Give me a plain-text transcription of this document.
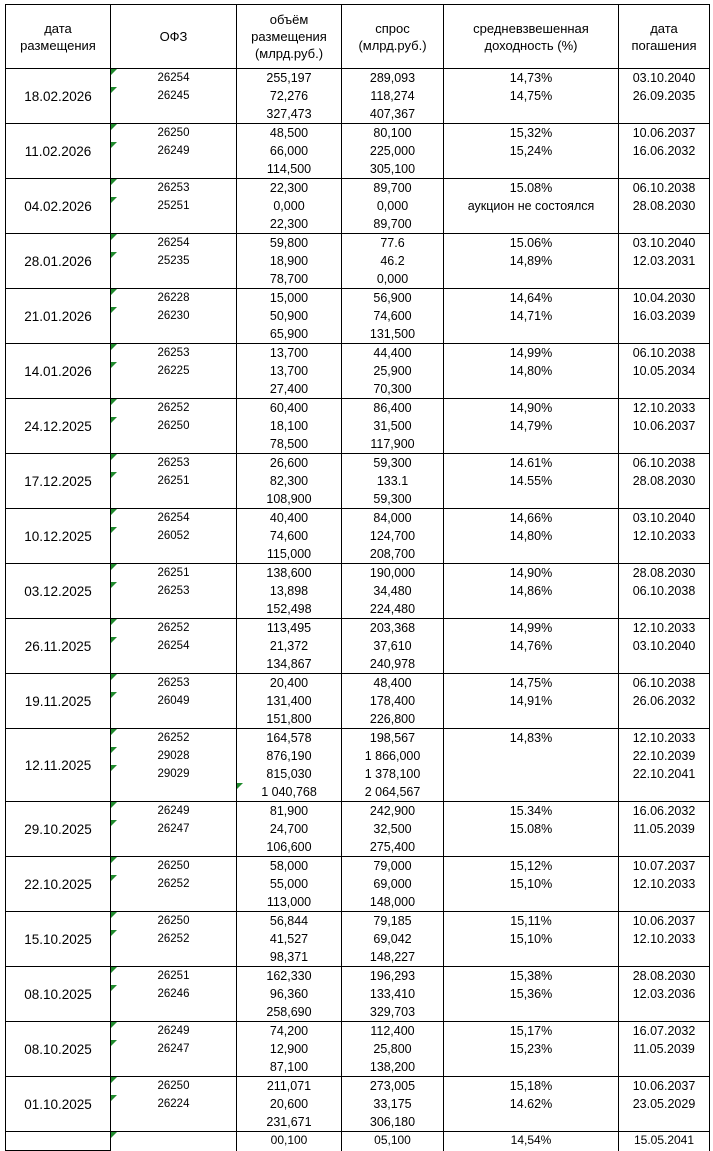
дата размещения	ОФЗ	объём размещения (млрд.руб.)	спрос (млрд.руб.)	средневзвешенная доходность (%)	дата погашения
18.02.2026	26254	255,197	289,093	14,73%	03.10.2040
	26245	72,276	118,274	14,75%	26.09.2035
		327,473	407,367		
11.02.2026	26250	48,500	80,100	15,32%	10.06.2037
	26249	66,000	225,000	15,24%	16.06.2032
		114,500	305,100		
04.02.2026	26253	22,300	89,700	15.08%	06.10.2038
	25251	0,000	0,000	аукцион не состоялся	28.08.2030
		22,300	89,700		
28.01.2026	26254	59,800	77.6	15.06%	03.10.2040
	25235	18,900	46.2	14,89%	12.03.2031
		78,700	0,000		
21.01.2026	26228	15,000	56,900	14,64%	10.04.2030
	26230	50,900	74,600	14,71%	16.03.2039
		65,900	131,500		
14.01.2026	26253	13,700	44,400	14,99%	06.10.2038
	26225	13,700	25,900	14,80%	10.05.2034
		27,400	70,300		
24.12.2025	26252	60,400	86,400	14,90%	12.10.2033
	26250	18,100	31,500	14,79%	10.06.2037
		78,500	117,900		
17.12.2025	26253	26,600	59,300	14.61%	06.10.2038
	26251	82,300	133.1	14.55%	28.08.2030
		108,900	59,300		
10.12.2025	26254	40,400	84,000	14,66%	03.10.2040
	26052	74,600	124,700	14,80%	12.10.2033
		115,000	208,700		
03.12.2025	26251	138,600	190,000	14,90%	28.08.2030
	26253	13,898	34,480	14,86%	06.10.2038
		152,498	224,480		
26.11.2025	26252	113,495	203,368	14,99%	12.10.2033
	26254	21,372	37,610	14,76%	03.10.2040
		134,867	240,978		
19.11.2025	26253	20,400	48,400	14,75%	06.10.2038
	26049	131,400	178,400	14,91%	26.06.2032
		151,800	226,800		
12.11.2025	26252	164,578	198,567	14,83%	12.10.2033
	29028	876,190	1 866,000		22.10.2039
	29029	815,030	1 378,100		22.10.2041
		1 040,768	2 064,567		
29.10.2025	26249	81,900	242,900	15.34%	16.06.2032
	26247	24,700	32,500	15.08%	11.05.2039
		106,600	275,400		
22.10.2025	26250	58,000	79,000	15,12%	10.07.2037
	26252	55,000	69,000	15,10%	12.10.2033
		113,000	148,000		
15.10.2025	26250	56,844	79,185	15,11%	10.06.2037
	26252	41,527	69,042	15,10%	12.10.2033
		98,371	148,227		
08.10.2025	26251	162,330	196,293	15,38%	28.08.2030
	26246	96,360	133,410	15,36%	12.03.2036
		258,690	329,703		
08.10.2025	26249	74,200	112,400	15,17%	16.07.2032
	26247	12,900	25,800	15,23%	11.05.2039
		87,100	138,200		
01.10.2025	26250	211,071	273,005	15,18%	10.06.2037
	26224	20,600	33,175	14.62%	23.05.2029
		231,671	306,180		
		00,100	05,100	14,54%	15.05.2041
